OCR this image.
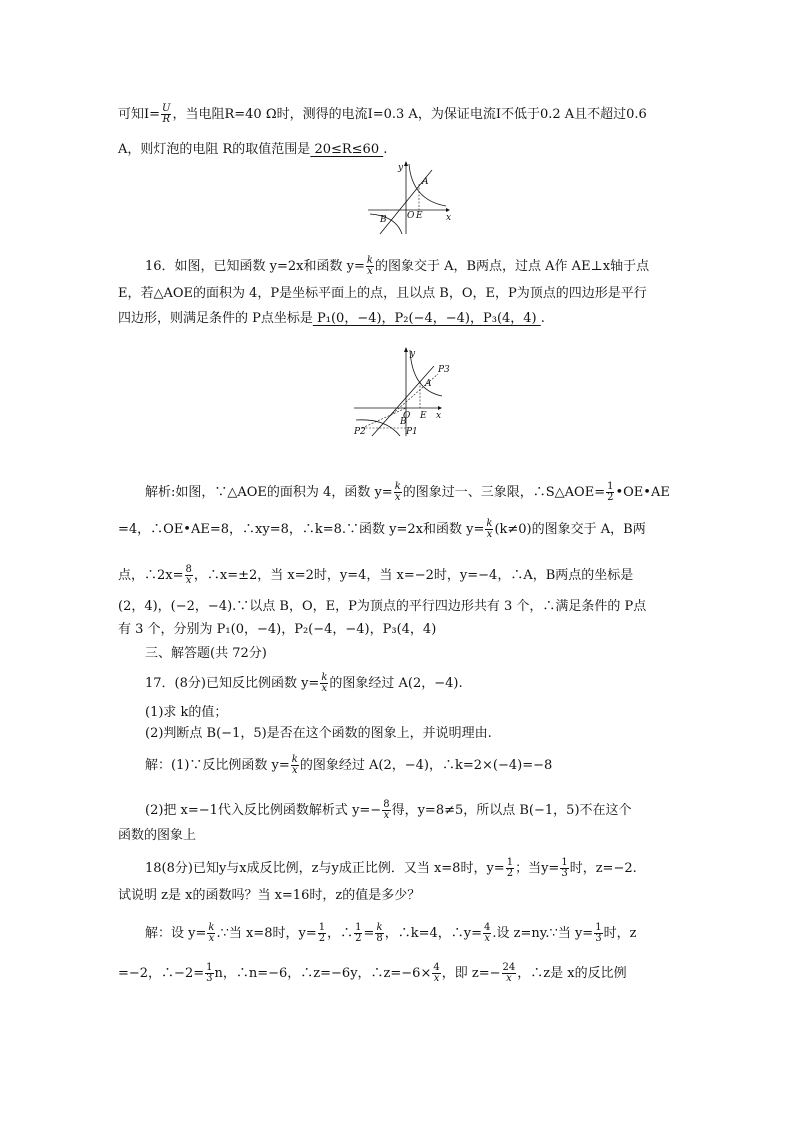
可知$I= \frac{U}{R}$ ，当电阻R=40 Ω时，测得的电流I=0.3 A，为保证电流I不低于0.2 A且不超过0.6
A，则灯泡的电阻 R的取值范围是 20≤R≤60 .
y
x
A
B O E
16．如图，已知函数 y=2x和函数 $y= \frac{k}{x}$ 的图象交于 A，B两点，过点 A作 AE⊥x轴于点
E，若△AOE的面积为 4，P是坐标平面上的点，且以点 B，O，E，P为顶点的四边形是平行
四边形，则满足条件的 P点坐标是 P₁(0，−4)，P₂(−4，−4)，P₃(4，4) .
y
x
A
B
O E
P1
P2
P3
解析:如图，∵△AOE的面积为 4，函数 $y= \frac{k}{x}$ 的图象过一、三象限，∴S△AOE= $\frac{1}{2}$ •OE•AE
=4，∴OE•AE=8，∴xy=8，∴k=8.∵函数 y=2x和函数 $y= \frac{k}{x} (k\ne 0)$的图象交于 A，B两
点，∴2x= $\frac{8}{x}$ ，∴x=±2，当 x=2时，y=4，当 x=−2时，y=−4，∴A，B两点的坐标是
(2，4)，(−2，−4).∵以点 B，O，E，P为顶点的平行四边形共有 3 个，∴满足条件的 P点
有 3 个，分别为 P₁(0，−4)，P₂(−4，−4)，P₃(4，4)
三、解答题(共 72分)
17．(8分)已知反比例函数 $y= \frac{k}{x}$ 的图象经过 A(2，−4).
(1)求 k的值；
(2)判断点 B(−1，5)是否在这个函数的图象上，并说明理由.
解：(1)∵反比例函数 $y= \frac{k}{x}$ 的图象经过 A(2，−4)，∴k=2×(−4)=−8
(2)把 x=−1代入反比例函数解析式 $y=- \frac{8}{x}$ 得，y=8≠5，所以点 B(−1，5)不在这个
函数的图象上
18(8分)已知y与x成反比例，z与y成正比例．又当 x=8时，$y= \frac{1}{2}$ ；当$y= \frac{1}{3}$ 时，z=−2.
试说明 z是 x的函数吗？当 x=16时，z的值是多少？
解：设 $y= \frac{k}{x}$ .∵当 x=8时，$y= \frac{1}{2}$ ，∴ $\frac{1}{2} = \frac{k}{8}$ ，∴k=4，∴y= $\frac{4}{x}$ .设 z=ny.∵当 $y= \frac{1}{3}$ 时，z
=−2，∴−2= $\frac{1}{3}$ n，∴n=−6，∴z=−6y，∴z=−6× $\frac{4}{x}$ ，即 $z=- \frac{24}{x}$ ，∴z是 x的反比例
